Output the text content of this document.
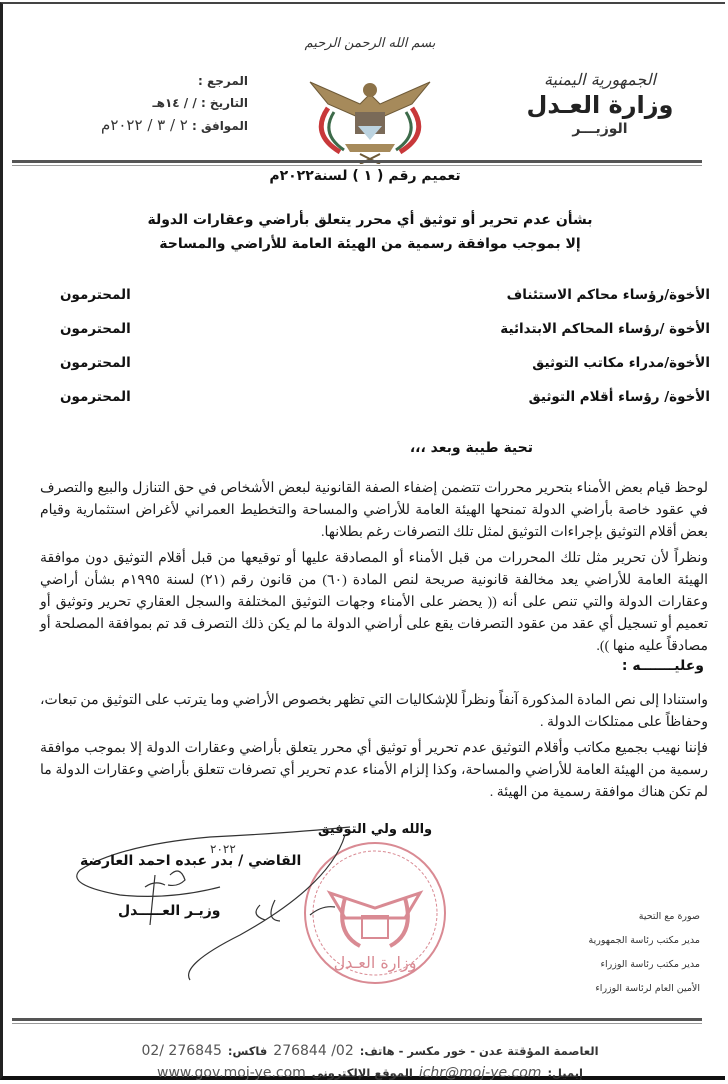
بسم الله الرحمن الرحيم
الجمهورية اليمنية
وزارة العـدل
الوزيـــر
المرجع :
التاريخ : / / ١٤هـ
الموافق : ٢ / ٣ / ٢٠٢٢م
تعميم رقم ( ١ ) لسنة٢٠٢٢م
بشأن عدم تحرير أو توثيق أي محرر يتعلق بأراضي وعقارات الدولة
إلا بموجب موافقة رسمية من الهيئة العامة للأراضي والمساحة
الأخوة/رؤساء محاكم الاستئناف
المحترمون
الأخوة /رؤساء المحاكم الابتدائية
المحترمون
الأخوة/مدراء مكاتب التوثيق
المحترمون
الأخوة/ رؤساء أقلام التوثيق
المحترمون
تحية طيبة وبعد ،،،
لوحظ قيام بعض الأمناء بتحرير محررات تتضمن إضفاء الصفة القانونية لبعض الأشخاص في حق التنازل والبيع والتصرف في عقود خاصة بأراضي الدولة تمنحها الهيئة العامة للأراضي والمساحة والتخطيط العمراني لأغراض استثمارية وقيام بعض أقلام التوثيق بإجراءات التوثيق لمثل تلك التصرفات رغم بطلانها.
ونظراً لأن تحرير مثل تلك المحررات من قبل الأمناء أو المصادقة عليها أو توقيعها من قبل أقلام التوثيق دون موافقة الهيئة العامة للأراضي يعد مخالفة قانونية صريحة لنص المادة (٦٠) من قانون رقم (٢١) لسنة ١٩٩٥م بشأن أراضي وعقارات الدولة والتي تنص على أنه (( يحضر على الأمناء وجهات التوثيق المختلفة والسجل العقاري تحرير وتوثيق أو تعميم أو تسجيل أي عقد من عقود التصرفات يقع على أراضي الدولة ما لم يكن ذلك التصرف قد تم بموافقة المصلحة أو مصادقاً عليه منها )).
وعليـــــــه :
واستنادا إلى نص المادة المذكورة آنفاً ونظراً للإشكاليات التي تظهر بخصوص الأراضي وما يترتب على التوثيق من تبعات، وحفاظاً على ممتلكات الدولة .
فإننا نهيب بجميع مكاتب وأقلام التوثيق عدم تحرير أو توثيق أي محرر يتعلق بأراضي وعقارات الدولة إلا بموجب موافقة رسمية من الهيئة العامة للأراضي والمساحة، وكذا إلزام الأمناء عدم تحرير أي تصرفات تتعلق بأراضي وعقارات الدولة ما لم تكن هناك موافقة رسمية من الهيئة .
والله ولي التوفيق
وزارة العـدل
٢٠٢٢
القاضي / بدر عبده احمد العارضة
وزيـر العـــــدل	صورة مع التحية
مدير مكتب رئاسة الجمهورية
مدير مكتب رئاسة الوزراء
الأمين العام لرئاسة الوزراء
العاصمة المؤقتة عدن - خور مكسر - هاتف:
276844 /02
فاكس:
02/ 276845
إيميل:
ichr@moj-ye.com
الموقع الإلكتروني
www.gov.moj-ye.com
